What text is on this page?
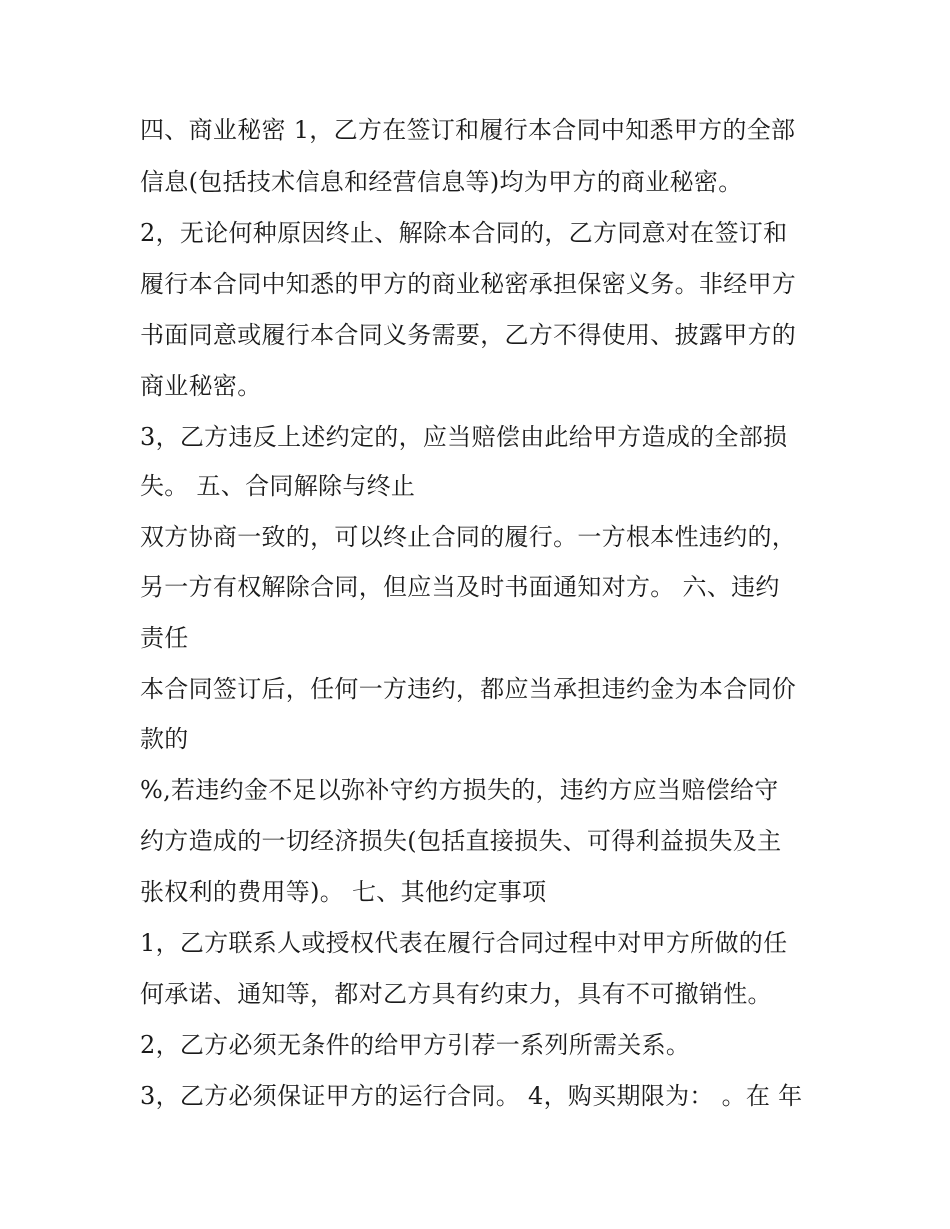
四、商业秘密 1，乙方在签订和履行本合同中知悉甲方的全部
信息(包括技术信息和经营信息等)均为甲方的商业秘密。
2，无论何种原因终止、解除本合同的，乙方同意对在签订和
履行本合同中知悉的甲方的商业秘密承担保密义务。非经甲方
书面同意或履行本合同义务需要，乙方不得使用、披露甲方的
商业秘密。
3，乙方违反上述约定的，应当赔偿由此给甲方造成的全部损
失。 五、合同解除与终止
双方协商一致的，可以终止合同的履行。一方根本性违约的，
另一方有权解除合同，但应当及时书面通知对方。 六、违约
责任
本合同签订后，任何一方违约，都应当承担违约金为本合同价
款的
%,若违约金不足以弥补守约方损失的，违约方应当赔偿给守
约方造成的一切经济损失(包括直接损失、可得利益损失及主
张权利的费用等)。 七、其他约定事项
1，乙方联系人或授权代表在履行合同过程中对甲方所做的任
何承诺、通知等，都对乙方具有约束力，具有不可撤销性。
2，乙方必须无条件的给甲方引荐一系列所需关系。
3，乙方必须保证甲方的运行合同。 4，购买期限为： 。在 年
